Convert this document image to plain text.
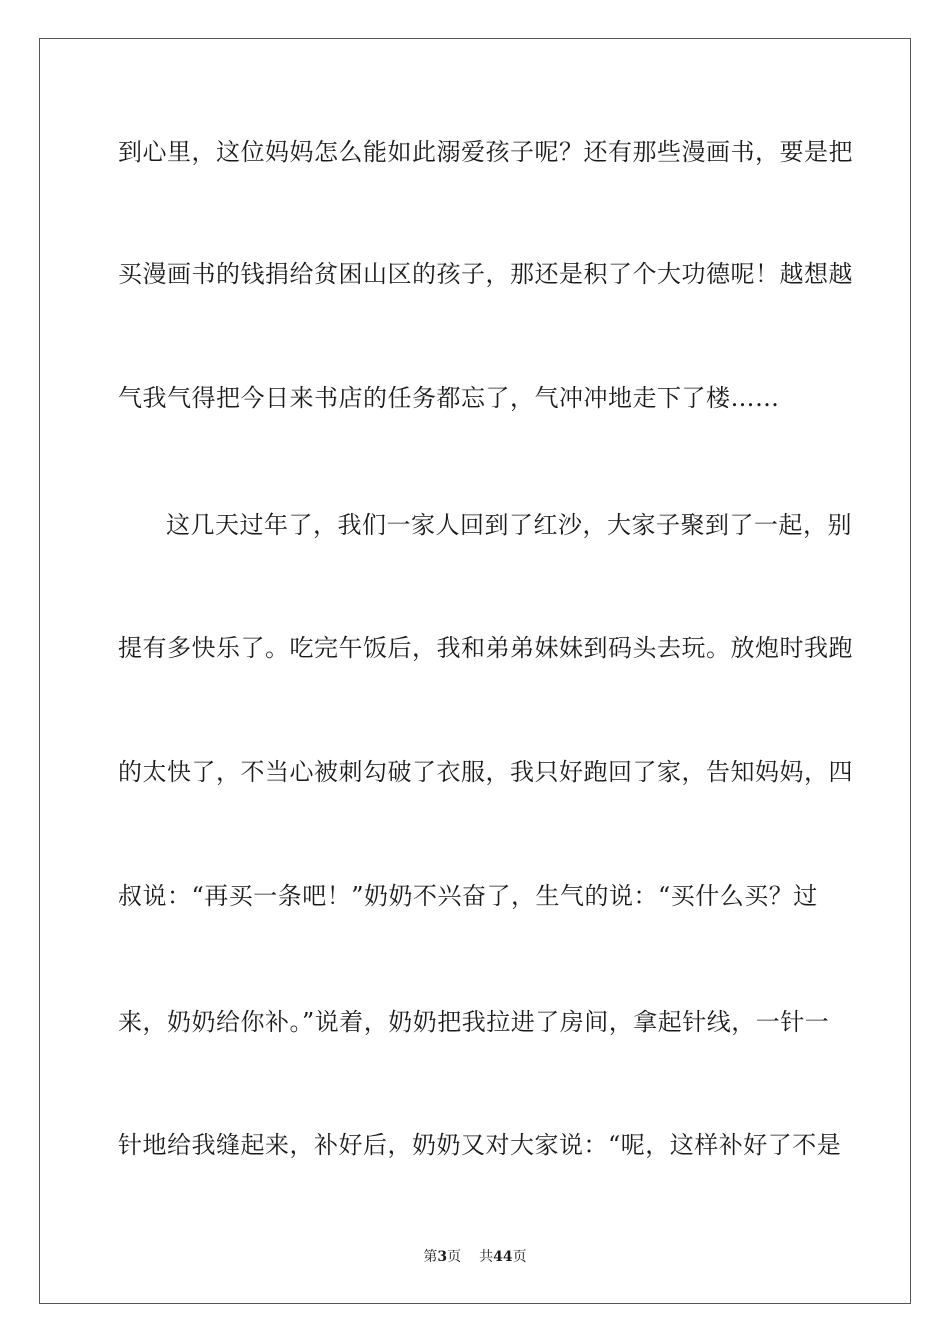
到心里，这位妈妈怎么能如此溺爱孩子呢？还有那些漫画书，要是把
买漫画书的钱捐给贫困山区的孩子，那还是积了个大功德呢！越想越
气我气得把今日来书店的任务都忘了，气冲冲地走下了楼……
这几天过年了，我们一家人回到了红沙，大家子聚到了一起，别
提有多快乐了。吃完午饭后，我和弟弟妹妹到码头去玩。放炮时我跑
的太快了，不当心被刺勾破了衣服，我只好跑回了家，告知妈妈，四
叔说：“再买一条吧！”奶奶不兴奋了，生气的说：“买什么买？过
来，奶奶给你补。”说着，奶奶把我拉进了房间，拿起针线，一针一
针地给我缝起来，补好后，奶奶又对大家说：“呢，这样补好了不是
第3页 共44页
